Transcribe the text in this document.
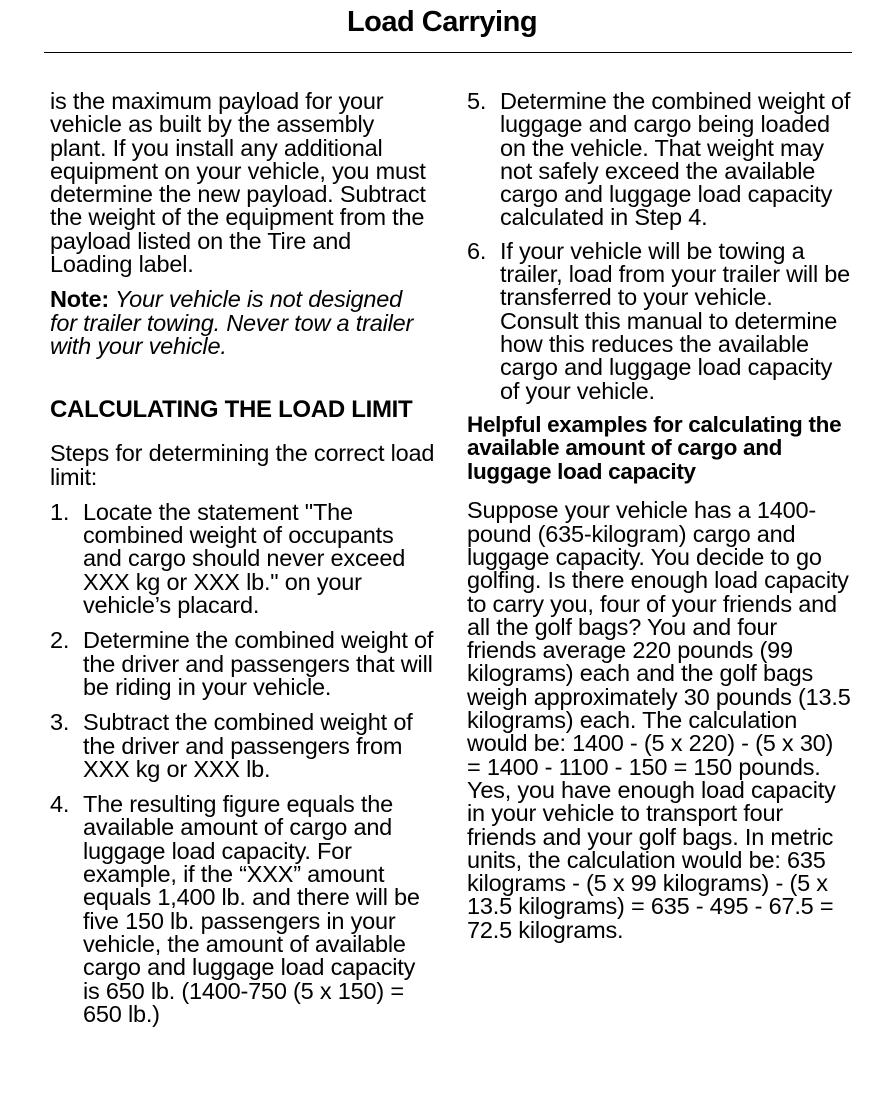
Load Carrying

is the maximum payload for your vehicle as built by the assembly plant. If you install any additional equipment on your vehicle, you must determine the new payload. Subtract the weight of the equipment from the payload listed on the Tire and Loading label.

Note: Your vehicle is not designed for trailer towing. Never tow a trailer with your vehicle.

CALCULATING THE LOAD LIMIT

Steps for determining the correct load limit:

1. Locate the statement "The combined weight of occupants and cargo should never exceed XXX kg or XXX lb." on your vehicle’s placard.
2. Determine the combined weight of the driver and passengers that will be riding in your vehicle.
3. Subtract the combined weight of the driver and passengers from XXX kg or XXX lb.
4. The resulting figure equals the available amount of cargo and luggage load capacity. For example, if the “XXX” amount equals 1,400 lb. and there will be five 150 lb. passengers in your vehicle, the amount of available cargo and luggage load capacity is 650 lb. (1400-750 (5 x 150) = 650 lb.)
5. Determine the combined weight of luggage and cargo being loaded on the vehicle. That weight may not safely exceed the available cargo and luggage load capacity calculated in Step 4.
6. If your vehicle will be towing a trailer, load from your trailer will be transferred to your vehicle. Consult this manual to determine how this reduces the available cargo and luggage load capacity of your vehicle.
Helpful examples for calculating the available amount of cargo and luggage load capacity

Suppose your vehicle has a 1400-pound (635-kilogram) cargo and luggage capacity. You decide to go golfing. Is there enough load capacity to carry you, four of your friends and all the golf bags? You and four friends average 220 pounds (99 kilograms) each and the golf bags weigh approximately 30 pounds (13.5 kilograms) each. The calculation would be: 1400 - (5 x 220) - (5 x 30) = 1400 - 1100 - 150 = 150 pounds. Yes, you have enough load capacity in your vehicle to transport four friends and your golf bags. In metric units, the calculation would be: 635 kilograms - (5 x 99 kilograms) - (5 x 13.5 kilograms) = 635 - 495 - 67.5 = 72.5 kilograms.
